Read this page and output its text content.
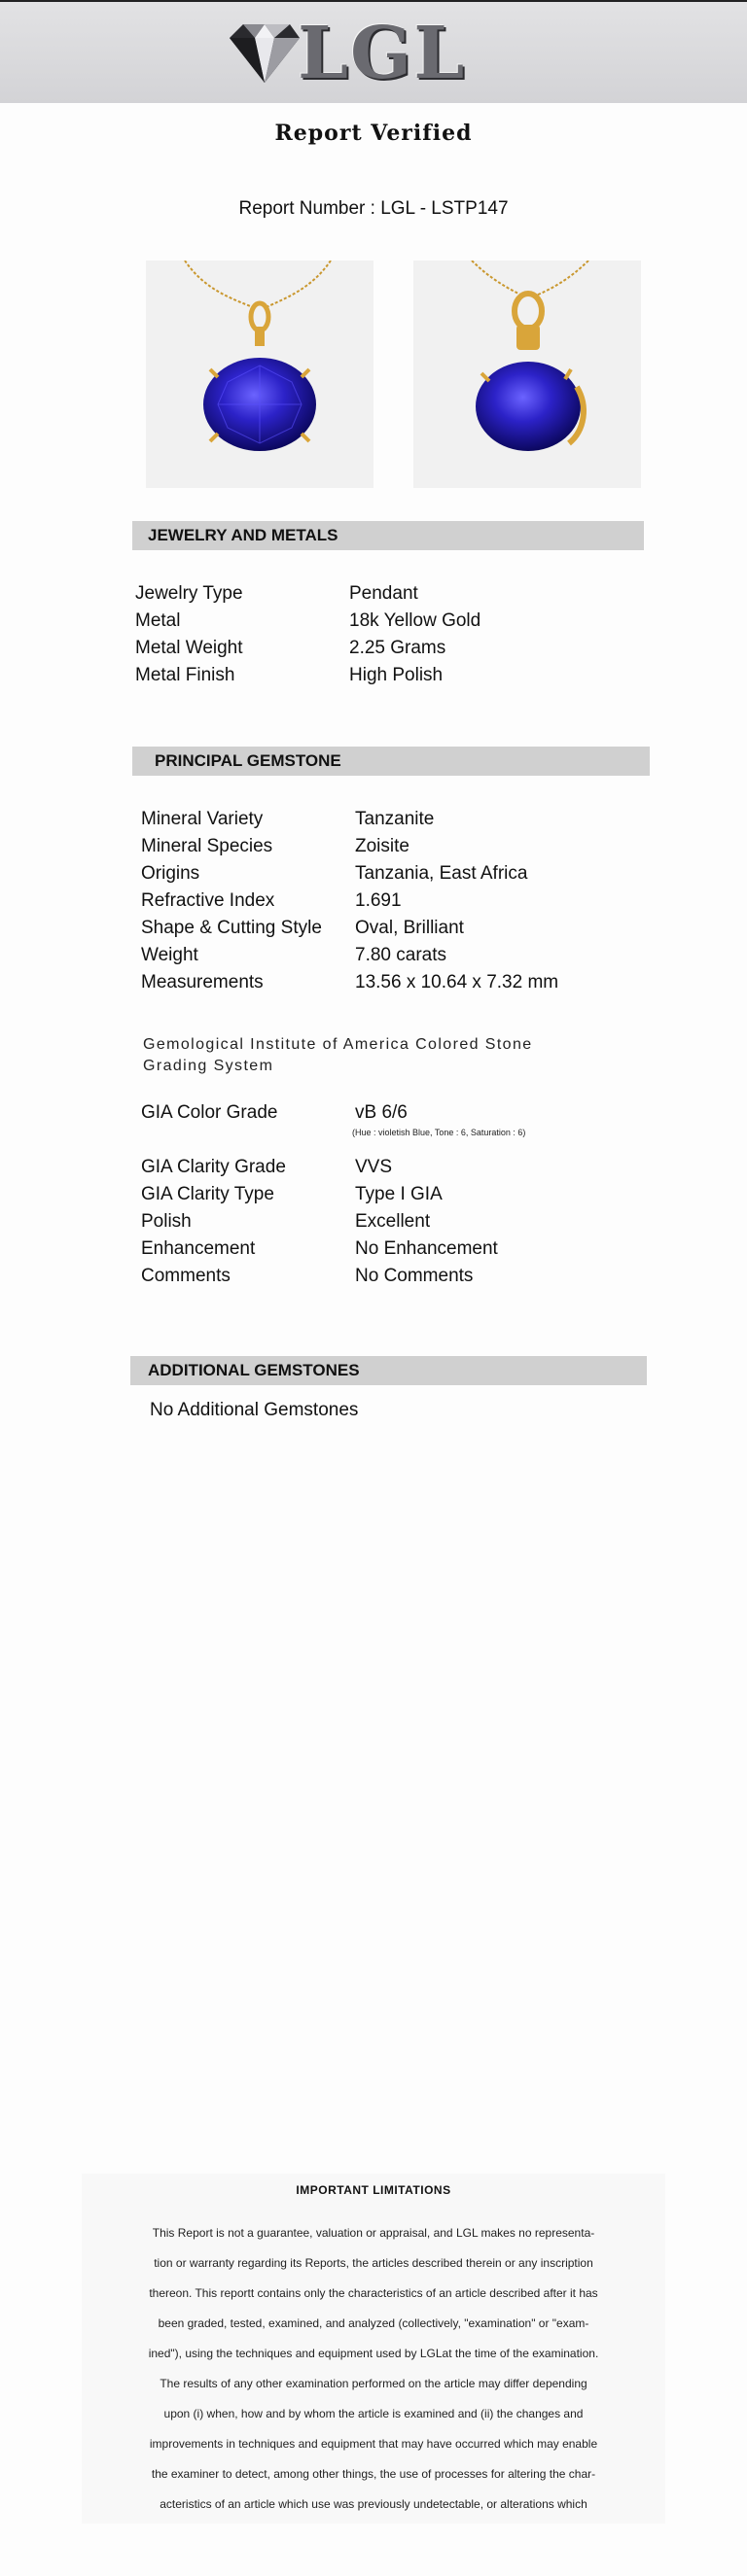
LGL
Report Verified
Report Number : LGL - LSTP147
JEWELRY AND METALS
Jewelry Type	Pendant
Metal	18k Yellow Gold
Metal Weight	2.25 Grams
Metal Finish	High Polish
PRINCIPAL GEMSTONE
Mineral Variety	Tanzanite
Mineral Species	Zoisite
Origins	Tanzania, East Africa
Refractive Index	1.691
Shape & Cutting Style	Oval, Brilliant
Weight	7.80 carats
Measurements	13.56 x 10.64 x 7.32 mm
Gemological Institute of America Colored Stone Grading System
GIA Color Grade	vB 6/6
(Hue : violetish Blue, Tone : 6, Saturation : 6)
GIA Clarity Grade	VVS
GIA Clarity Type	Type I GIA
Polish	Excellent
Enhancement	No Enhancement
Comments	No Comments
ADDITIONAL GEMSTONES
No Additional Gemstones
IMPORTANT LIMITATIONS
This Report is not a guarantee, valuation or appraisal, and LGL makes no representa-
tion or warranty regarding its Reports, the articles described therein or any inscription
thereon. This reportt contains only the characteristics of an article described after it has
been graded, tested, examined, and analyzed (collectively, "examination" or "exam-
ined"), using the techniques and equipment used by LGLat the time of the examination.
The results of any other examination performed on the article may differ depending
upon (i) when, how and by whom the article is examined and (ii) the changes and
improvements in techniques and equipment that may have occurred which may enable
the examiner to detect, among other things, the use of processes for altering the char-
acteristics of an article which use was previously undetectable, or alterations which
